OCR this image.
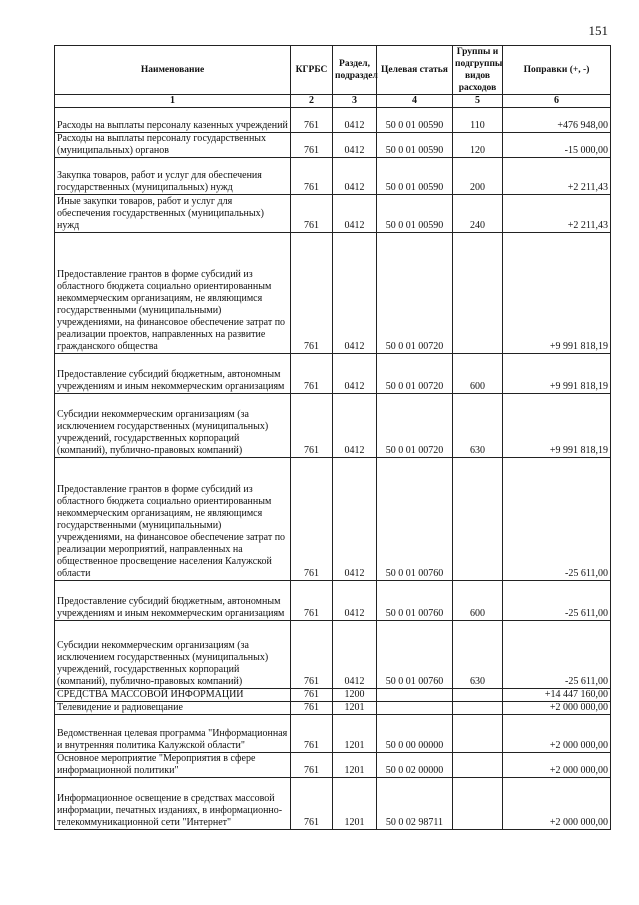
151
Наименование	КГРБС	Раздел, подраздел	Целевая статья	Группы и подгруппы видов расходов	Поправки (+, -)
1	2	3	4	5	6
Расходы на выплаты персоналу казенных учреждений	761	0412	50 0 01 00590	110	+476 948,00
Расходы на выплаты персоналу государственных (муниципальных) органов	761	0412	50 0 01 00590	120	-15 000,00
Закупка товаров, работ и услуг для обеспечения государственных (муниципальных) нужд	761	0412	50 0 01 00590	200	+2 211,43
Иные закупки товаров, работ и услуг для обеспечения государственных (муниципальных) нужд	761	0412	50 0 01 00590	240	+2 211,43
Предоставление грантов в форме субсидий из областного бюджета социально ориентированным некоммерческим организациям, не являющимся государственными (муниципальными) учреждениями, на финансовое обеспечение затрат по реализации проектов, направленных на развитие гражданского общества	761	0412	50 0 01 00720		+9 991 818,19
Предоставление субсидий бюджетным, автономным учреждениям и иным некоммерческим организациям	761	0412	50 0 01 00720	600	+9 991 818,19
Субсидии некоммерческим организациям (за исключением государственных (муниципальных) учреждений, государственных корпораций (компаний), публично-правовых компаний)	761	0412	50 0 01 00720	630	+9 991 818,19
Предоставление грантов в форме субсидий из областного бюджета социально ориентированным некоммерческим организациям, не являющимся государственными (муниципальными) учреждениями, на финансовое обеспечение затрат по реализации мероприятий, направленных на общественное просвещение населения Калужской области	761	0412	50 0 01 00760		-25 611,00
Предоставление субсидий бюджетным, автономным учреждениям и иным некоммерческим организациям	761	0412	50 0 01 00760	600	-25 611,00
Субсидии некоммерческим организациям (за исключением государственных (муниципальных) учреждений, государственных корпораций (компаний), публично-правовых компаний)	761	0412	50 0 01 00760	630	-25 611,00
СРЕДСТВА МАССОВОЙ ИНФОРМАЦИИ	761	1200			+14 447 160,00
Телевидение и радиовещание	761	1201			+2 000 000,00
Ведомственная целевая программа "Информационная и внутренняя политика Калужской области"	761	1201	50 0 00 00000		+2 000 000,00
Основное мероприятие "Мероприятия в сфере информационной политики"	761	1201	50 0 02 00000		+2 000 000,00
Информационное освещение в средствах массовой информации, печатных изданиях, в информационно-телекоммуникационной сети "Интернет"	761	1201	50 0 02 98711		+2 000 000,00
